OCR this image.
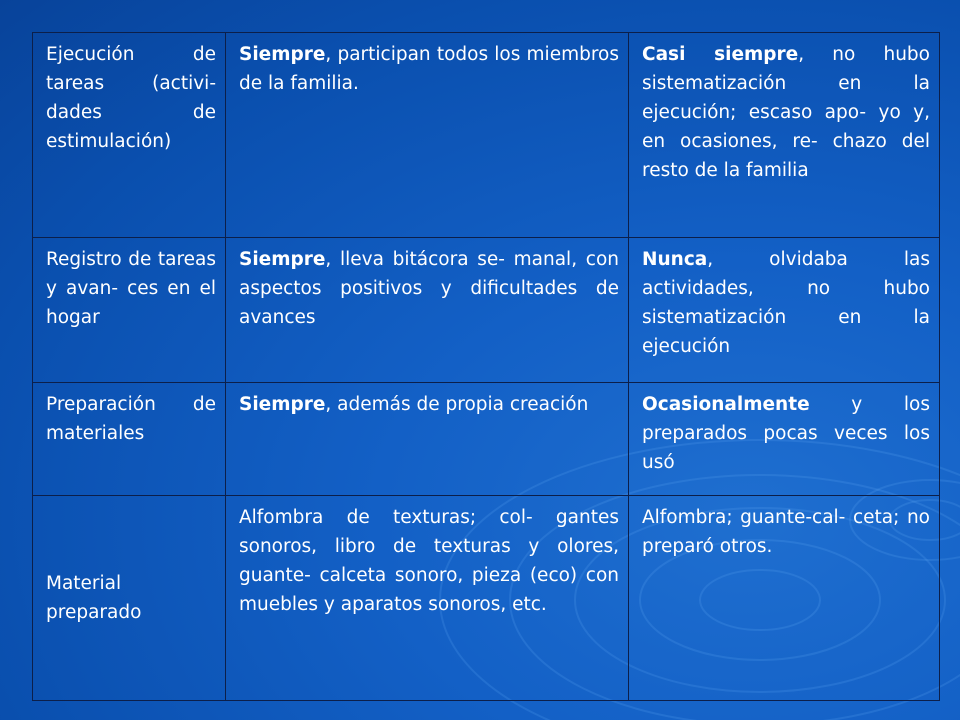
Ejecución de tareas (activi- dades de estimulación)	Siempre, participan todos los miembros de la familia.	Casi siempre, no hubo sistematización en la ejecución; escaso apo- yo y, en ocasiones, re- chazo del resto de la familia
Registro de tareas y avan- ces en el hogar	Siempre, lleva bitácora se- manal, con aspectos positivos y dificultades de avances	Nunca, olvidaba las actividades, no hubo sistematización en la ejecución
Preparación de materiales	Siempre, además de propia creación	Ocasionalmente y los preparados pocas veces los usó
Material preparado	Alfombra de texturas; col- gantes sonoros, libro de texturas y olores, guante- calceta sonoro, pieza (eco) con muebles y aparatos sonoros, etc.	Alfombra; guante-cal- ceta; no preparó otros.
